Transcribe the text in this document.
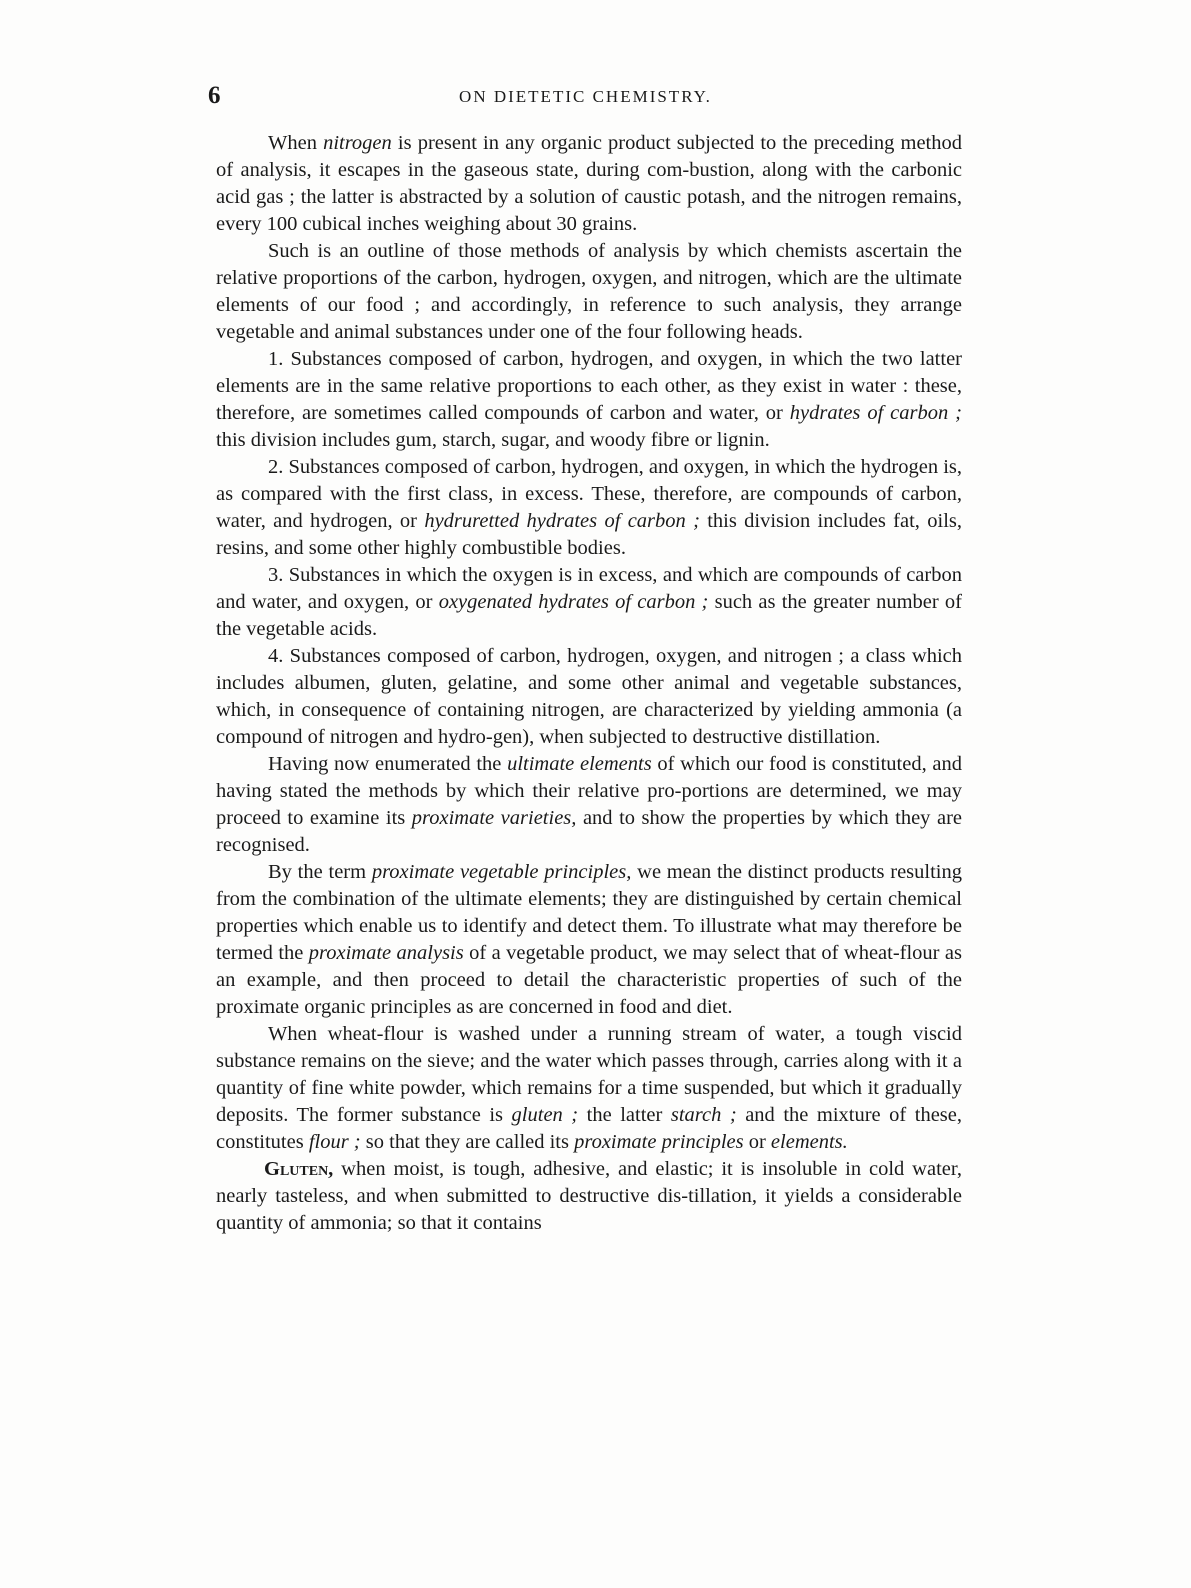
6	ON DIETETIC CHEMISTRY.

When nitrogen is present in any organic product subjected to the preceding method of analysis, it escapes in the gaseous state, during com-bustion, along with the carbonic acid gas ; the latter is abstracted by a solution of caustic potash, and the nitrogen remains, every 100 cubical inches weighing about 30 grains.

Such is an outline of those methods of analysis by which chemists ascertain the relative proportions of the carbon, hydrogen, oxygen, and nitrogen, which are the ultimate elements of our food ; and accordingly, in reference to such analysis, they arrange vegetable and animal substances under one of the four following heads.

1. Substances composed of carbon, hydrogen, and oxygen, in which the two latter elements are in the same relative proportions to each other, as they exist in water : these, therefore, are sometimes called compounds of carbon and water, or hydrates of carbon ; this division includes gum, starch, sugar, and woody fibre or lignin.

2. Substances composed of carbon, hydrogen, and oxygen, in which the hydrogen is, as compared with the first class, in excess. These, therefore, are compounds of carbon, water, and hydrogen, or hydruretted hydrates of carbon ; this division includes fat, oils, resins, and some other highly combustible bodies.

3. Substances in which the oxygen is in excess, and which are compounds of carbon and water, and oxygen, or oxygenated hydrates of carbon ; such as the greater number of the vegetable acids.

4. Substances composed of carbon, hydrogen, oxygen, and nitrogen ; a class which includes albumen, gluten, gelatine, and some other animal and vegetable substances, which, in consequence of containing nitrogen, are characterized by yielding ammonia (a compound of nitrogen and hydro-gen), when subjected to destructive distillation.

Having now enumerated the ultimate elements of which our food is constituted, and having stated the methods by which their relative pro-portions are determined, we may proceed to examine its proximate varieties, and to show the properties by which they are recognised.

By the term proximate vegetable principles, we mean the distinct products resulting from the combination of the ultimate elements; they are distinguished by certain chemical properties which enable us to identify and detect them. To illustrate what may therefore be termed the proximate analysis of a vegetable product, we may select that of wheat-flour as an example, and then proceed to detail the characteristic properties of such of the proximate organic principles as are concerned in food and diet.

When wheat-flour is washed under a running stream of water, a tough viscid substance remains on the sieve; and the water which passes through, carries along with it a quantity of fine white powder, which remains for a time suspended, but which it gradually deposits. The former substance is gluten ; the latter starch ; and the mixture of these, constitutes flour ; so that they are called its proximate principles or elements.

Gluten, when moist, is tough, adhesive, and elastic; it is insoluble in cold water, nearly tasteless, and when submitted to destructive dis-tillation, it yields a considerable quantity of ammonia; so that it contains
